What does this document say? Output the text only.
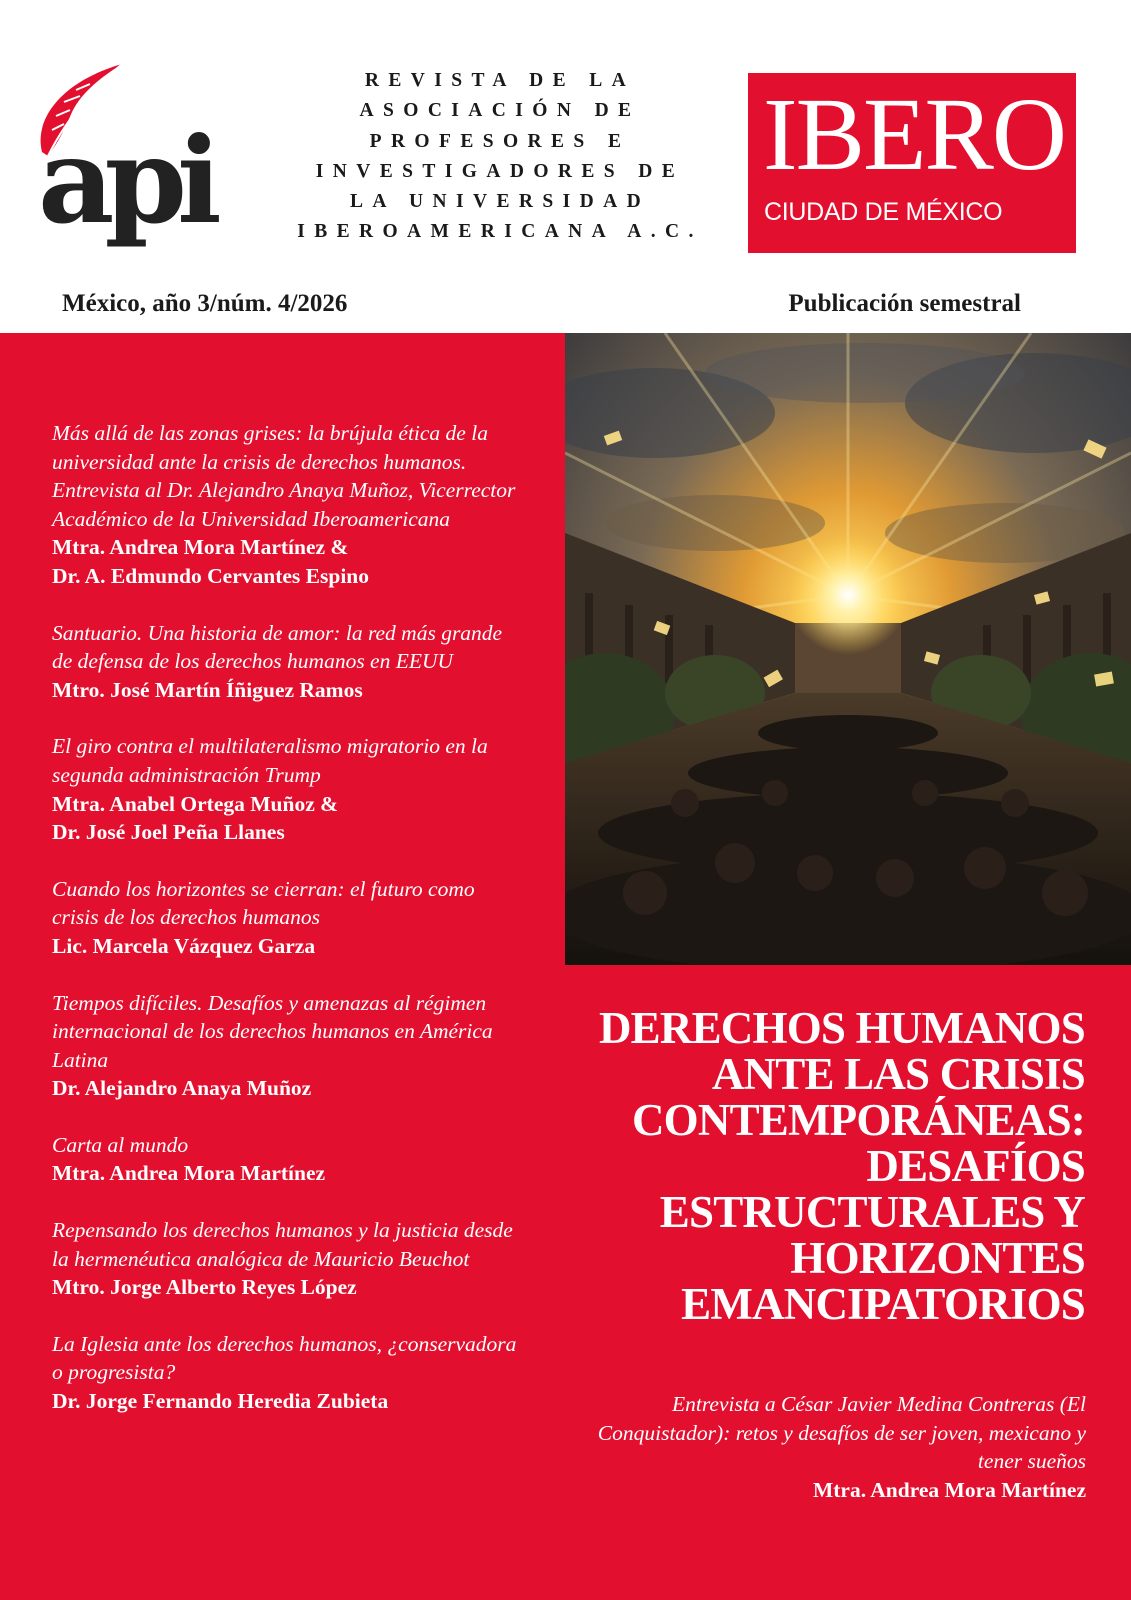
api
REVISTA DE LA
ASOCIACIÓN DE
PROFESORES E
INVESTIGADORES DE
LA UNIVERSIDAD
IBEROAMERICANA A.C.
IBERO
CIUDAD DE MÉXICO
México, año 3/núm. 4/2026	Publicación semestral
Más allá de las zonas grises: la brújula ética de la universidad ante la crisis de derechos humanos. Entrevista al Dr. Alejandro Anaya Muñoz, Vicerrector Académico de la Universidad Iberoamericana
Mtra. Andrea Mora Martínez &
Dr. A. Edmundo Cervantes Espino
Santuario. Una historia de amor: la red más grande de defensa de los derechos humanos en EEUU
Mtro. José Martín Íñiguez Ramos
El giro contra el multilateralismo migratorio en la segunda administración Trump
Mtra. Anabel Ortega Muñoz &
Dr. José Joel Peña Llanes
Cuando los horizontes se cierran: el futuro como crisis de los derechos humanos
Lic. Marcela Vázquez Garza
Tiempos difíciles. Desafíos y amenazas al régimen internacional de los derechos humanos en América Latina
Dr. Alejandro Anaya Muñoz
Carta al mundo
Mtra. Andrea Mora Martínez
Repensando los derechos humanos y la justicia desde la hermenéutica analógica de Mauricio Beuchot
Mtro. Jorge Alberto Reyes López
La Iglesia ante los derechos humanos, ¿conservadora o progresista?
Dr. Jorge Fernando Heredia Zubieta
DERECHOS HUMANOS
ANTE LAS CRISIS
CONTEMPORÁNEAS:
DESAFÍOS
ESTRUCTURALES Y
HORIZONTES
EMANCIPATORIOS
Entrevista a César Javier Medina Contreras (El Conquistador): retos y desafíos de ser joven, mexicano y tener sueños
Mtra. Andrea Mora Martínez
